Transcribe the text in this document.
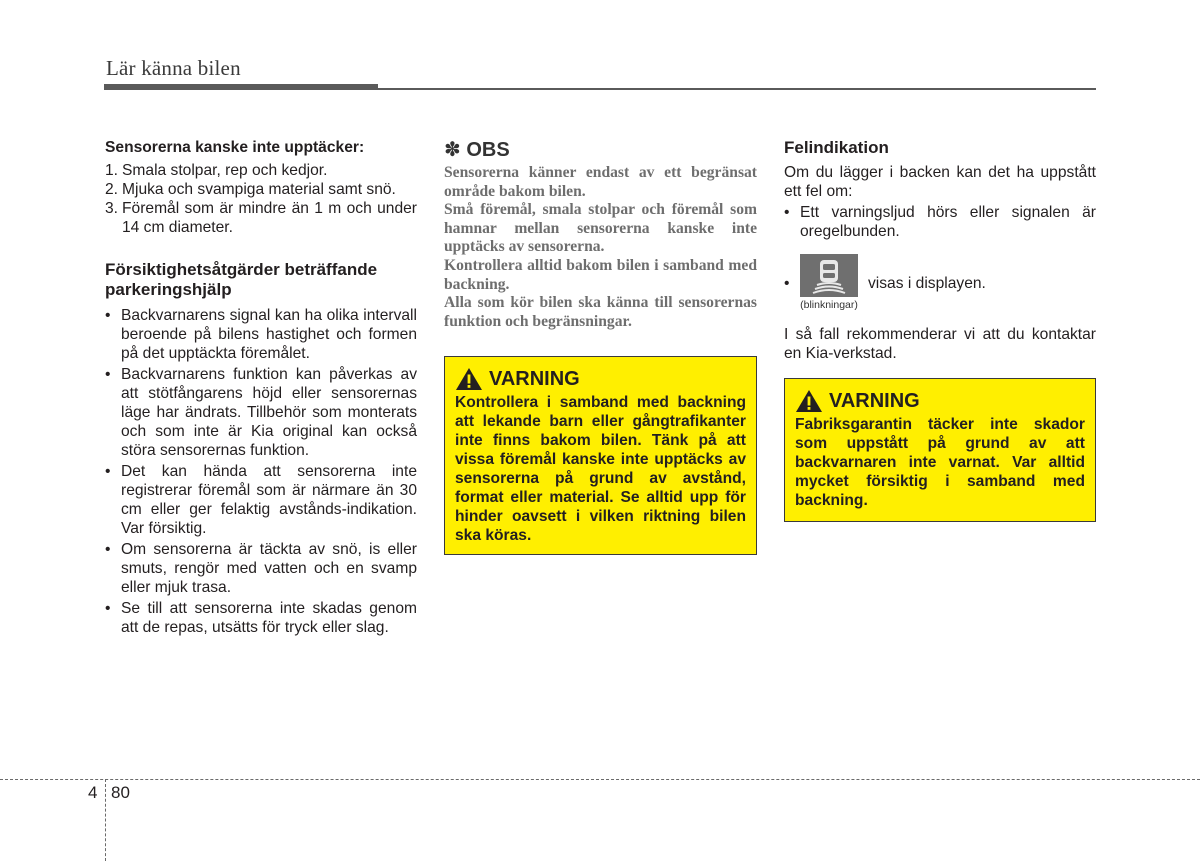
Lär känna bilen

Sensorerna kanske inte upptäcker:

1. Smala stolpar, rep och kedjor.
2. Mjuka och svampiga material samt snö.
3. Föremål som är mindre än 1 m och under 14 cm diameter.

Försiktighetsåtgärder beträffande parkeringshjälp

• Backvarnarens signal kan ha olika intervall beroende på bilens hastighet och formen på det upptäckta föremålet.
• Backvarnarens funktion kan påverkas av att stötfångarens höjd eller sensorernas läge har ändrats. Tillbehör som monterats och som inte är Kia original kan också störa sensorernas funktion.
• Det kan hända att sensorerna inte registrerar föremål som är närmare än 30 cm eller ger felaktig avstånds-indikation. Var försiktig.
• Om sensorerna är täckta av snö, is eller smuts, rengör med vatten och en svamp eller mjuk trasa.
• Se till att sensorerna inte skadas genom att de repas, utsätts för tryck eller slag.
✽ OBS

Sensorerna känner endast av ett begränsat område bakom bilen.

Små föremål, smala stolpar och föremål som hamnar mellan sensorerna kanske inte upptäcks av sensorerna.

Kontrollera alltid bakom bilen i samband med backning.

Alla som kör bilen ska känna till sensorernas funktion och begränsningar.

VARNING

Kontrollera i samband med backning att lekande barn eller gångtrafikanter inte finns bakom bilen. Tänk på att vissa föremål kanske inte upptäcks av sensorerna på grund av avstånd, format eller material. Se alltid upp för hinder oavsett i vilken riktning bilen ska köras.

Felindikation

Om du lägger i backen kan det ha uppstått ett fel om:

• Ett varningsljud hörs eller signalen är oregelbunden.
•
(blinkningar)
visas i displayen.

I så fall rekommenderar vi att du kontaktar en Kia-verkstad.

VARNING

Fabriksgarantin täcker inte skador som uppstått på grund av att backvarnaren inte varnat. Var alltid mycket försiktig i samband med backning.

4 80
